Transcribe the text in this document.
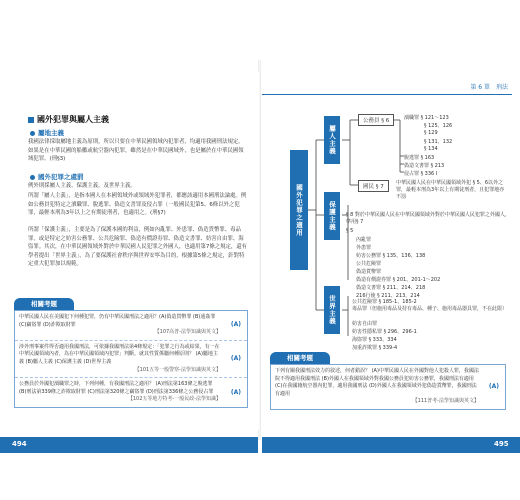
國外犯罪與屬人主義
屬地主義
我國法律採取屬地主義為原則，所以只要在中華民國領域內犯罪者，均適用我國刑法規定。如果是在中華民國的船艦或航空器內犯罪，雖然是在中華民國域外，也是屬於在中華民國領域犯罪。(刑§3)
國外犯罪之處罰
例外則採屬人主義、保護主義，及世界主義。
所謂「屬人主義」，是指本國人在本國領域外或領域外犯罪者，都應該適用本國刑法論處。例如公務員犯特定之瀆職罪、脫逃罪、偽造文書罪及侵占罪（一般國民犯第5、6條以外之犯罪，最輕本刑為3年以上之有期徒刑者，也適用之。(刑§7)
所謂「保護主義」，主要是為了保護本國的利益，例如內亂罪、外患罪、偽造貨幣罪、毒品罪，或是特定之妨害公務罪、公共危險罪、偽造有價證券罪、偽造文書罪、妨害自由罪、海盜罪。其次，在中華民國領域外對於中華民國人民犯罪之外國人，也適用第7條之規定，還有學者提出「世界主義」，為了要保護社會秩序與世界安寧為目的，根據第5條之規定，針對特定重大犯罪加以規範。
相關考題
中華民國人民在美國犯下何種犯罪，仍有中華民國刑法之適用？(A)偽造貨幣罪 (B)通姦罪 (C)竊盜罪 (D)詐欺取財罪
【107高普-法學知識與英文】
(A)
涉外刑事案件得否適用我國刑法，可依據我國刑法第4條規定：「犯罪之行為或結果，有一在中華民國領域內者，為在中華民國領域內犯罪」判斷。就其性質係屬何種原則？ (A)屬地主義 (B)屬人主義 (C)保護主義 (D)世界主義
【101五等一般警察-法學知識與英文】
(A)
公務員於外國犯瀆職罪之時，下列何種，有我國刑法之適用？ (A)刑法第163條之脫逃罪 (B)刑法第339條之詐欺取財罪 (C)刑法第320條之竊盜罪 (D)刑法第336條之公務侵占罪
【102五等地方特考-一般民政-法學知識】
(A)
第 6 單　刑法
國外犯罪之適用
屬人主義
保護主義
世界主義
公務員 § 6	瀆職罪 § 121～123
§ 125、126
§ 129
§ 131、132
§ 134
脫逃罪 § 163
偽造文書罪 § 213
侵占罪 § 336 Ⅰ
國民 § 7
中華民國人民在中華民國領域外犯 § 5、6以外之罪，最輕本刑為3年以上有期徒刑者，且犯罪地亦不罰
§ 8 對於中華民國人民在中華民國領域外對於中華民國人民犯罪之外國人，準用§ 7
§ 5
內亂罪
外患罪
妨害公務罪 § 135、136、138
公共危險罪
偽造貨幣罪
偽造有價證券罪 § 201、201-1～202
偽造文書罪 § 211、214、218
216行使 § 211、213、214
公共危險罪 § 185-1、185-2
毒品罪（但施用毒品及持有毒品、種子、施用毒品器具罪，不在此限）
妨害自由罪
妨害性隱私罪 § 296、296-1
海盜罪 § 333、334
加重詐欺罪 § 339-4
相關考題
下列有關我國刑法效力的敘述，何者錯誤？ (A)中華民國人民在外國對他人犯殺人罪，我國法院不得適用我國刑法 (B)外國人在我國領域外對我國公務員犯妨害公務罪，我國刑法有適用 (C)在我國籍航空器內犯罪，適用我國刑法 (D)外國人在我國領域外犯偽造貨幣罪，我國刑法有適用
【111普考-法學知識與英文】
(A)
494	495
